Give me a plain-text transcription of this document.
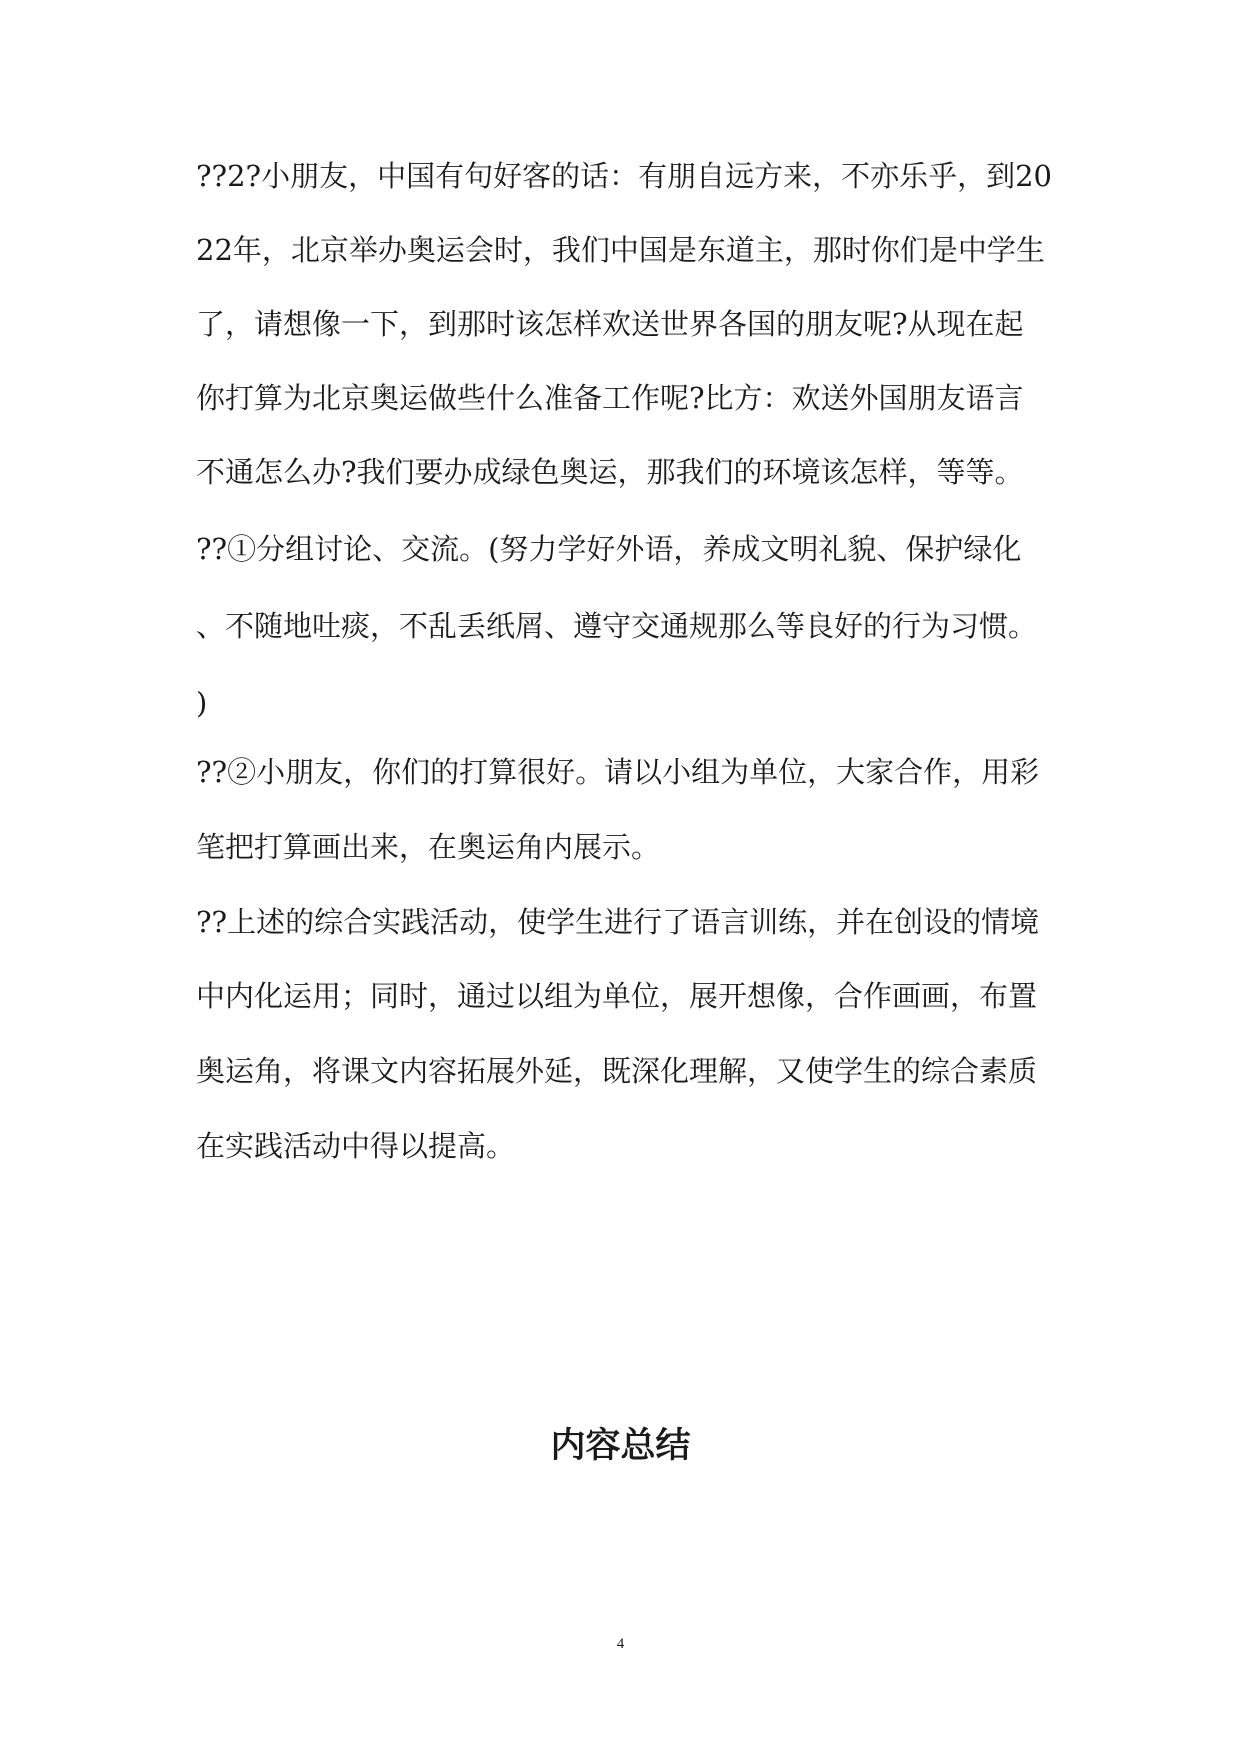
??2?小朋友，中国有句好客的话：有朋自远方来，不亦乐乎，到20
22年，北京举办奥运会时，我们中国是东道主，那时你们是中学生
了，请想像一下，到那时该怎样欢送世界各国的朋友呢?从现在起
你打算为北京奥运做些什么准备工作呢?比方：欢送外国朋友语言
不通怎么办?我们要办成绿色奥运，那我们的环境该怎样，等等。
??①分组讨论、交流。(努力学好外语，养成文明礼貌、保护绿化
、不随地吐痰，不乱丢纸屑、遵守交通规那么等良好的行为习惯。
)
??②小朋友，你们的打算很好。请以小组为单位，大家合作，用彩
笔把打算画出来，在奥运角内展示。
??上述的综合实践活动，使学生进行了语言训练，并在创设的情境
中内化运用；同时，通过以组为单位，展开想像，合作画画，布置
奥运角，将课文内容拓展外延，既深化理解，又使学生的综合素质
在实践活动中得以提高。
内容总结
4
